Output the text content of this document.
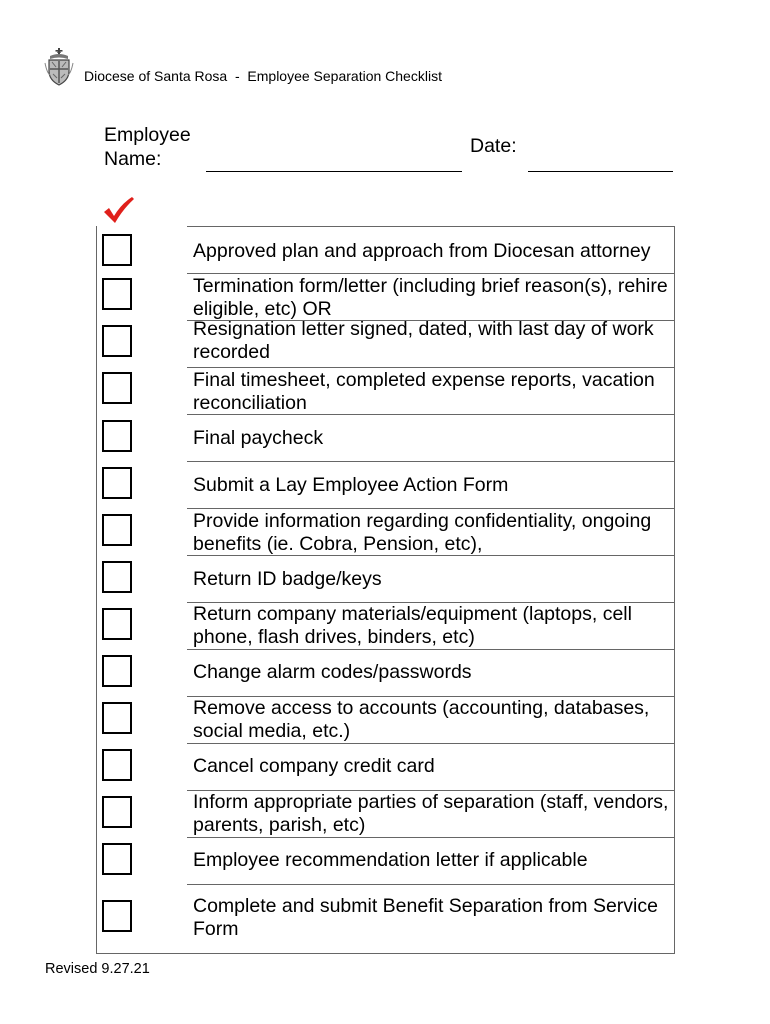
Diocese of Santa Rosa  -  Employee Separation Checklist
Employee Name:
Date:
Approved plan and approach from Diocesan attorney
Termination form/letter (including brief reason(s), rehire eligible, etc) OR
Resignation letter signed, dated, with last day of work recorded
Final timesheet, completed expense reports, vacation reconciliation
Final paycheck
Submit a Lay Employee Action Form
Provide information regarding confidentiality, ongoing benefits (ie. Cobra, Pension, etc),
Return ID badge/keys
Return company materials/equipment (laptops, cell phone, flash drives, binders, etc)
Change alarm codes/passwords
Remove access to accounts (accounting, databases, social media, etc.)
Cancel company credit card
Inform appropriate parties of separation (staff, vendors, parents, parish, etc)
Employee recommendation letter if applicable
Complete and submit Benefit Separation from Service Form
Revised 9.27.21
